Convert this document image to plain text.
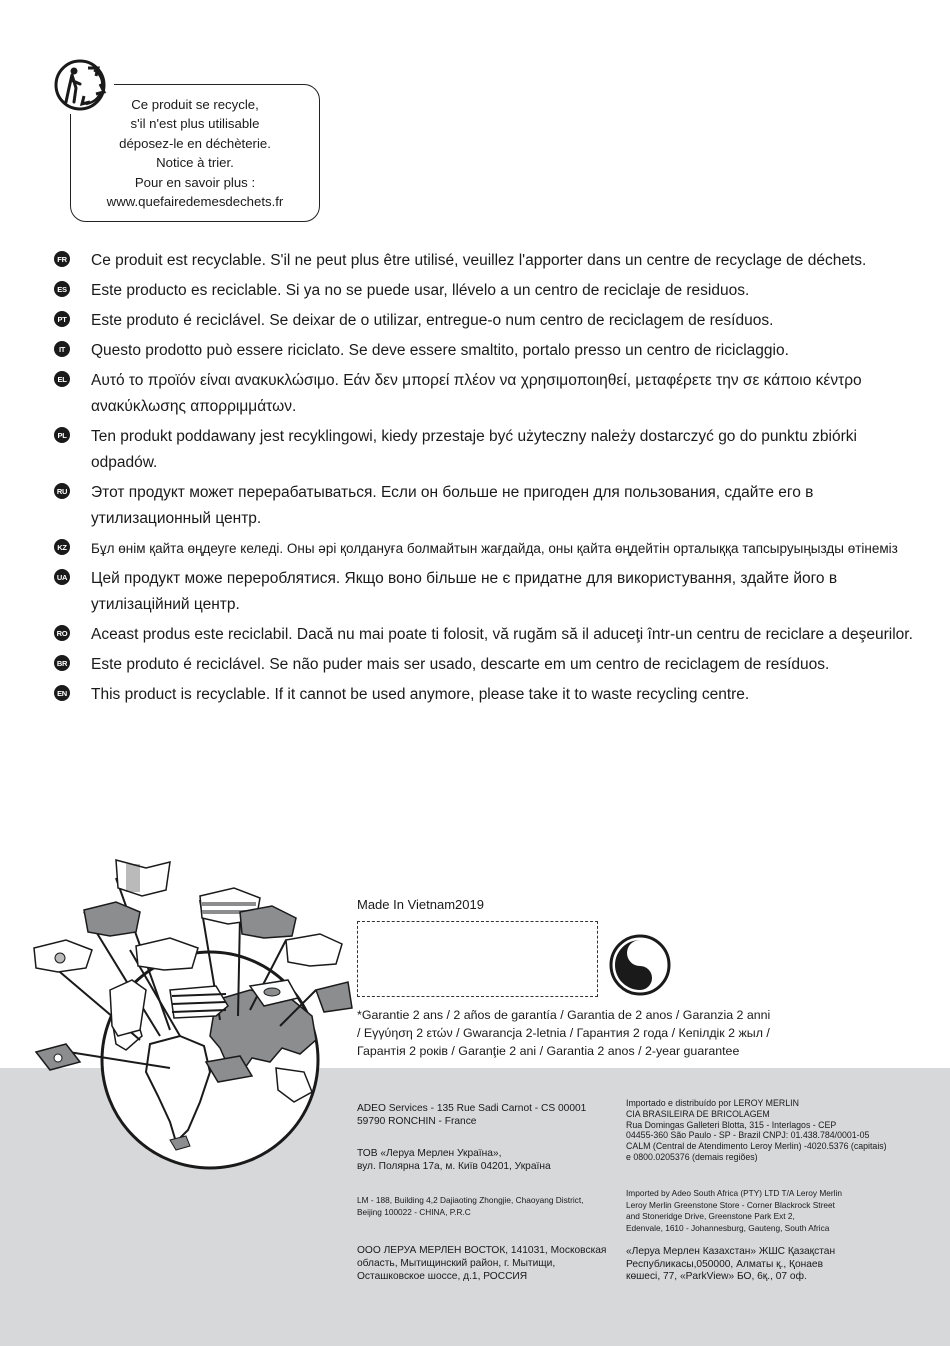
Ce produit se recycle,
s'il n'est plus utilisable
déposez-le en déchèterie.
Notice à trier.
Pour en savoir plus :
www.quefairedemesdechets.fr
FR Ce produit est recyclable. S'il ne peut plus être utilisé, veuillez l'apporter dans un centre de recyclage de déchets.
ES Este producto es reciclable. Si ya no se puede usar, llévelo a un centro de reciclaje de residuos.
PT Este produto é reciclável. Se deixar de o utilizar, entregue-o num centro de reciclagem de resíduos.
IT	Questo prodotto può essere riciclato. Se deve essere smaltito, portalo presso un centro de riciclaggio.
EL Αυτό το προϊόν είναι ανακυκλώσιμο. Εάν δεν μπορεί πλέον να χρησιμοποιηθεί, μεταφέρετε την σε κάποιο κέντρο ανακύκλωσης απορριμμάτων.
PL Ten produkt poddawany jest recyklingowi, kiedy przestaje być użyteczny należy dostarczyć go do punktu zbiórki odpadów.
RU Этот продукт может перерабатываться. Если он больше не пригоден для пользования, сдайте его в утилизационный центр.
KZ Бұл өнім қайта өңдеуге келеді. Оны әрі қолдануға болмайтын жағдайда, оны қайта өңдейтін орталыққа тапсыруыңызды өтінеміз
UA Цей продукт може перероблятися. Якщо воно більше не є придатне для використування, здайте його в утилізаційний центр.
RO Aceast produs este reciclabil. Dacă nu mai poate ti folosit, vă rugăm să il aduceţi într-un centru de reciclare a deşeurilor.
BR Este produto é reciclável. Se não puder mais ser usado, descarte em um centro de reciclagem de resíduos.
EN This product is recyclable. If it cannot be used anymore, please take it to waste recycling centre.
Made In Vietnam2019
*Garantie 2 ans / 2 años de garantía / Garantia de 2 anos / Garanzia 2 anni
/ Εγγύηση 2 ετών / Gwarancja 2-letnia / Гарантия 2 года / Кепілдік 2 жыл /
Гарантія 2 років / Garanţie 2 ani / Garantia 2 anos / 2-year guarantee
ADEO Services - 135 Rue Sadi Carnot - CS 00001
59790 RONCHIN - France
ТОВ «Леруа Мерлен Україна»,
вул. Полярна 17а, м. Київ 04201, Україна
LM - 188, Building 4,2 Dajiaoting Zhongjie, Chaoyang District,
Beijing 100022 - CHINA, P.R.C
ООО ЛЕРУА МЕРЛЕН ВОСТОК, 141031, Московская
область, Мытищинский район, г. Мытищи,
Осташковское шоссе, д.1, РОССИЯ
Importado e distribuído por LEROY MERLIN
CIA BRASILEIRA DE BRICOLAGEM
Rua Domingas Galleteri Blotta, 315 - Interlagos - CEP
04455-360 São Paulo - SP - Brazil CNPJ: 01.438.784/0001-05
CALM (Central de Atendimento Leroy Merlin) -4020.5376 (capitais)
e 0800.0205376 (demais regiões)
Imported by Adeo South Africa (PTY) LTD T/A Leroy Merlin
Leroy Merlin Greenstone Store - Corner Blackrock Street
and Stoneridge Drive, Greenstone Park Ext 2,
Edenvale, 1610 - Johannesburg, Gauteng, South Africa
«Леруа Мерлен Казахстан» ЖШС Қазақстан
Республикасы,050000, Алматы қ., Қонаев
көшесі, 77, «ParkView» БО, 6қ., 07 оф.
